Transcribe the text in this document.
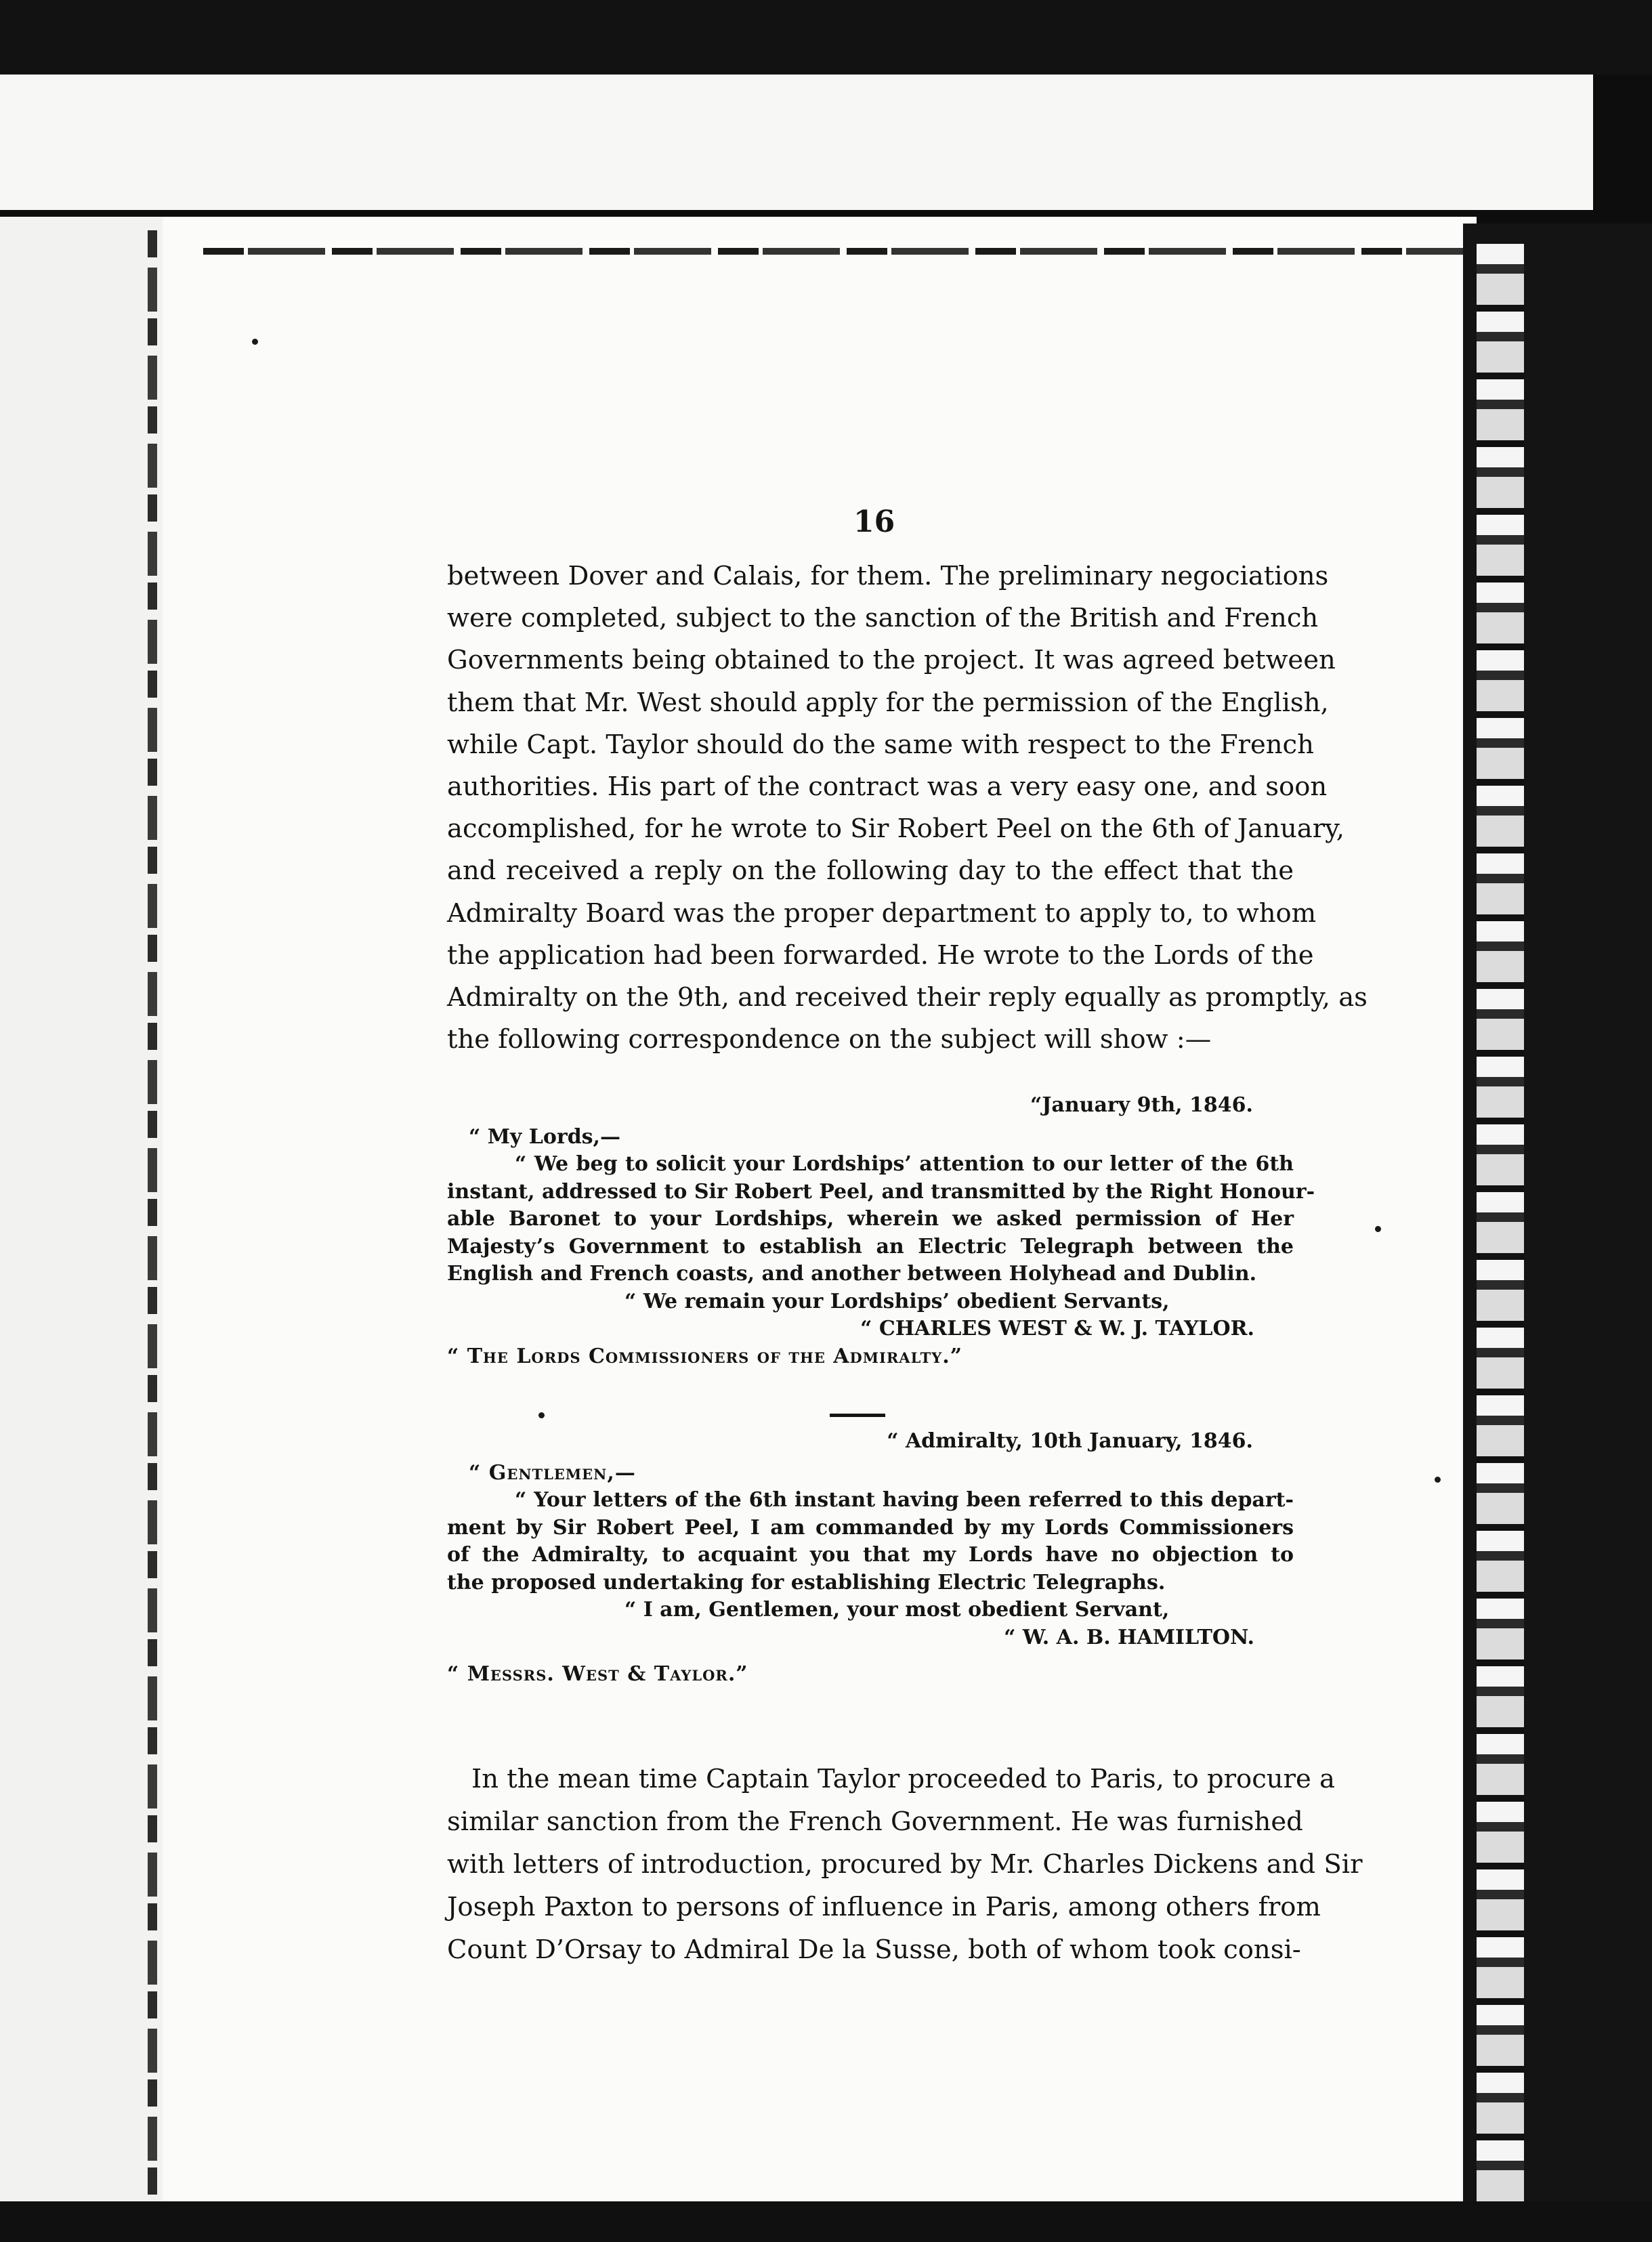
16
between Dover and Calais, for them. The preliminary negociations
were completed, subject to the sanction of the British and French
Governments being obtained to the project. It was agreed between
them that Mr. West should apply for the permission of the English,
while Capt. Taylor should do the same with respect to the French
authorities. His part of the contract was a very easy one, and soon
accomplished, for he wrote to Sir Robert Peel on the 6th of January,
and received a reply on the following day to the effect that the
Admiralty Board was the proper department to apply to, to whom
the application had been forwarded. He wrote to the Lords of the
Admiralty on the 9th, and received their reply equally as promptly, as
the following correspondence on the subject will show :—
“January 9th, 1846.
“ My Lords,—
“ We beg to solicit your Lordships’ attention to our letter of the 6th
instant, addressed to Sir Robert Peel, and transmitted by the Right Honour-
able Baronet to your Lordships, wherein we asked permission of Her
Majesty’s Government to establish an Electric Telegraph between the
English and French coasts, and another between Holyhead and Dublin.
“ We remain your Lordships’ obedient Servants,
“ CHARLES WEST & W. J. TAYLOR.
“ The Lords Commissioners of the Admiralty.”
“ Admiralty, 10th January, 1846.
“ Gentlemen,—
“ Your letters of the 6th instant having been referred to this depart-
ment by Sir Robert Peel, I am commanded by my Lords Commissioners
of the Admiralty, to acquaint you that my Lords have no objection to
the proposed undertaking for establishing Electric Telegraphs.
“ I am, Gentlemen, your most obedient Servant,
“ W. A. B. HAMILTON.
“ Messrs. West & Taylor.”
In the mean time Captain Taylor proceeded to Paris, to procure a
similar sanction from the French Government. He was furnished
with letters of introduction, procured by Mr. Charles Dickens and Sir
Joseph Paxton to persons of influence in Paris, among others from
Count D’Orsay to Admiral De la Susse, both of whom took consi-
